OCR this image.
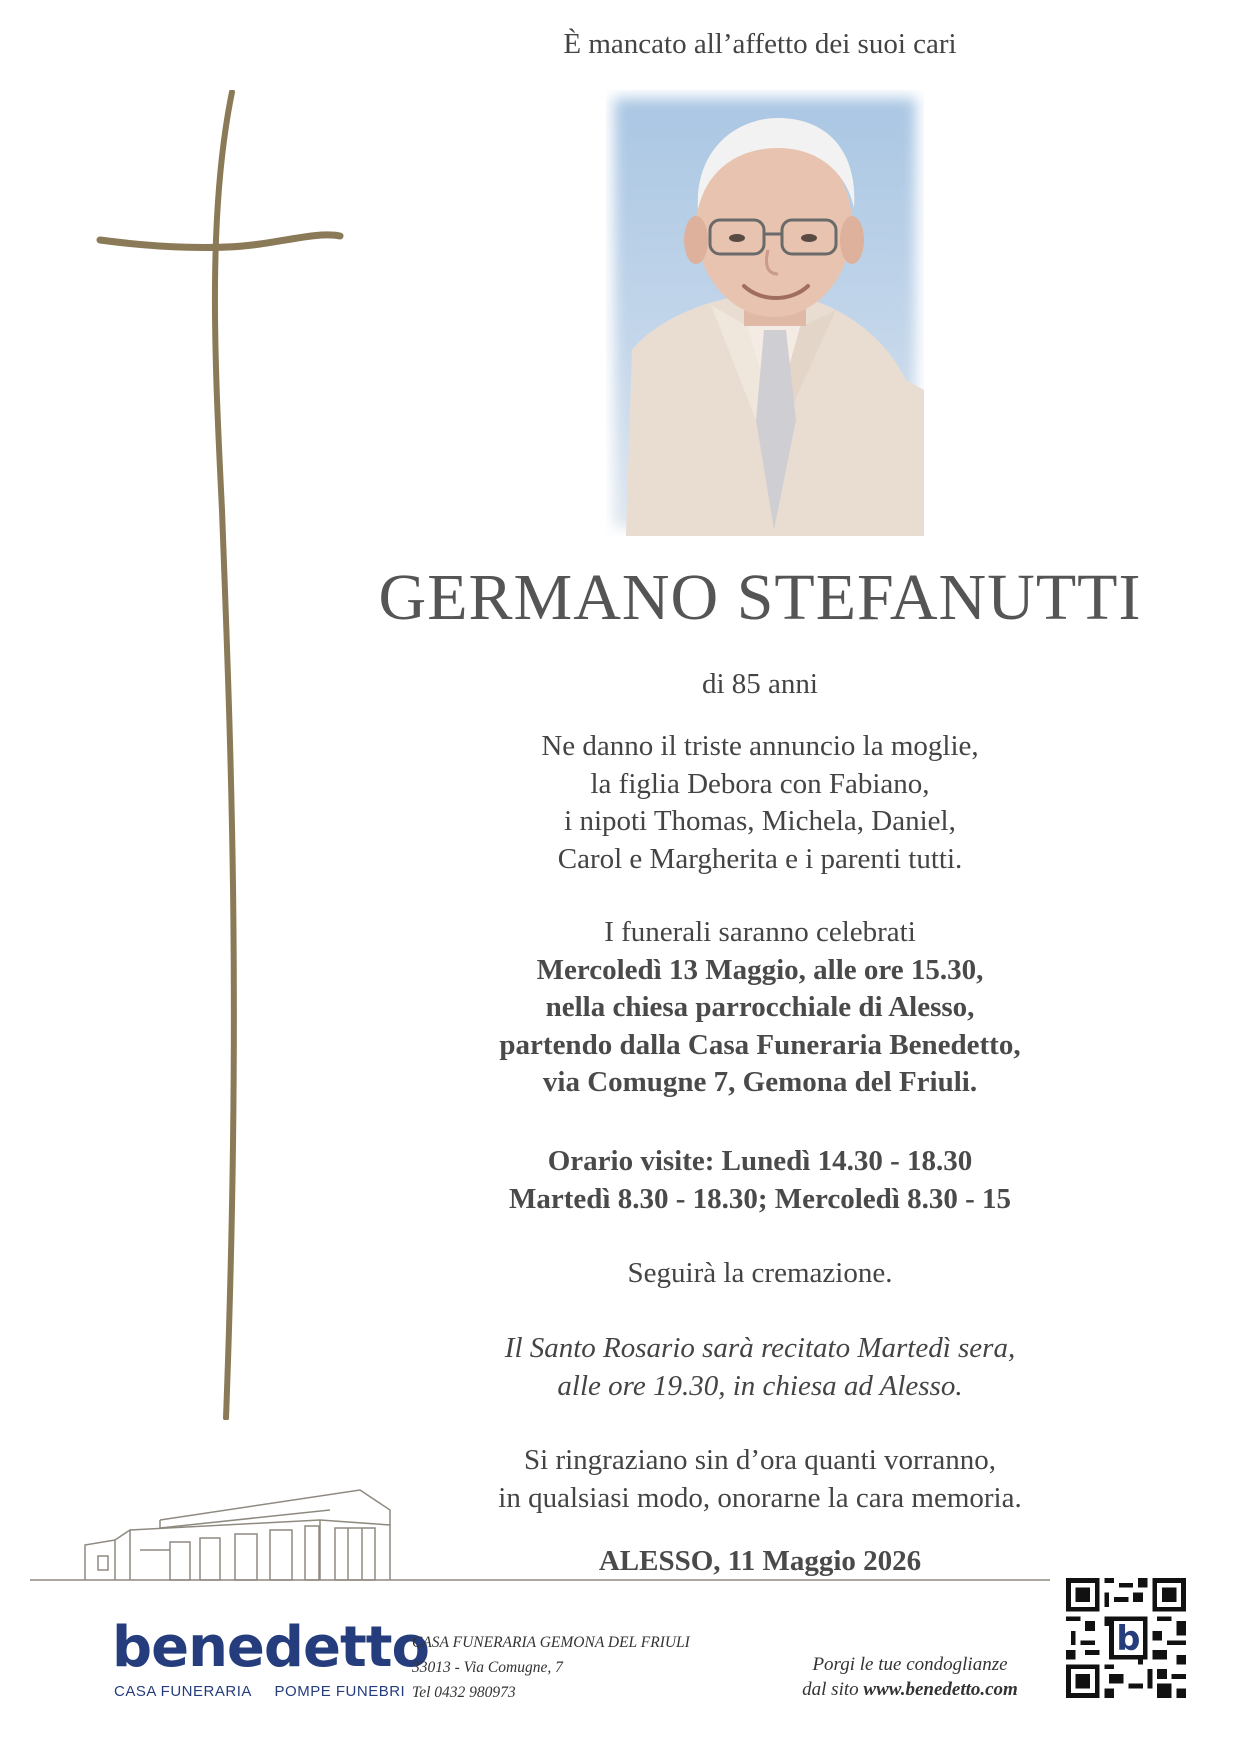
È mancato all’affetto dei suoi cari
GERMANO STEFANUTTI
di 85 anni
Ne danno il triste annuncio la moglie,
la figlia Debora con Fabiano,
i nipoti Thomas, Michela, Daniel,
Carol e Margherita e i parenti tutti.
I funerali saranno celebrati
Mercoledì 13 Maggio, alle ore 15.30,
nella chiesa parrocchiale di Alesso,
partendo dalla Casa Funeraria Benedetto,
via Comugne 7, Gemona del Friuli.
Orario visite: Lunedì 14.30 - 18.30
Martedì 8.30 - 18.30; Mercoledì 8.30 - 15
Seguirà la cremazione.
Il Santo Rosario sarà recitato Martedì sera,
alle ore 19.30, in chiesa ad Alesso.
Si ringraziano sin d’ora quanti vorranno,
in qualsiasi modo, onorarne la cara memoria.
ALESSO, 11 Maggio 2026
benedetto
CASA FUNERARIA POMPE FUNEBRI
CASA FUNERARIA GEMONA DEL FRIULI
33013 - Via Comugne, 7
Tel 0432 980973
Porgi le tue condoglianze
dal sito www.benedetto.com
b
